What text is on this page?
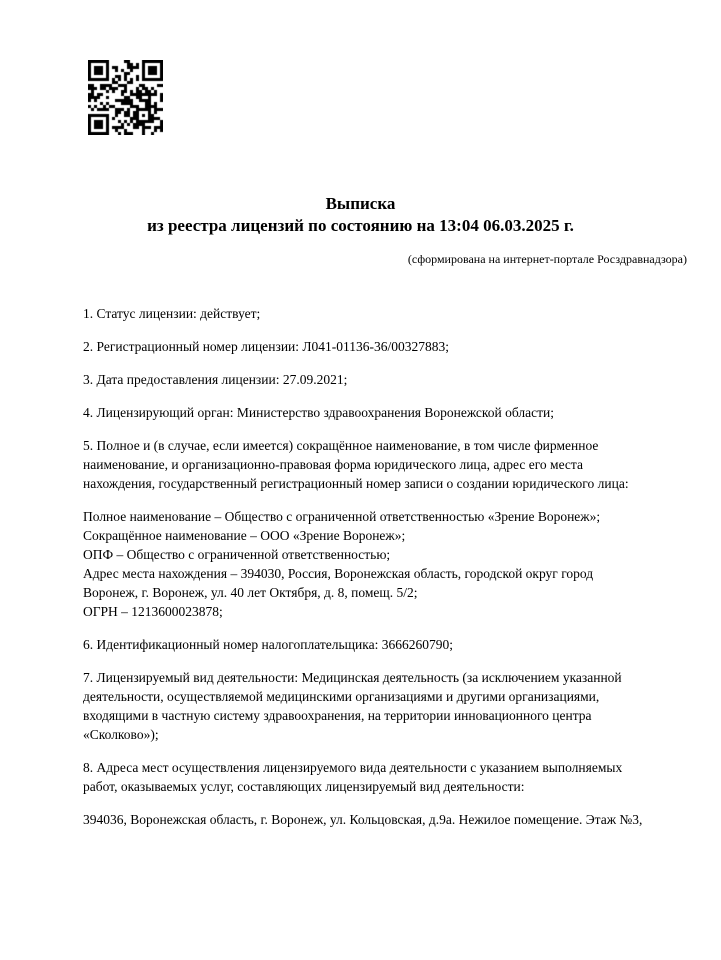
Выписка
из реестра лицензий по состоянию на 13:04 06.03.2025 г.
(сформирована на интернет-портале Росздравнадзора)
1. Статус лицензии: действует;
2. Регистрационный номер лицензии: Л041-01136-36/00327883;
3. Дата предоставления лицензии: 27.09.2021;
4. Лицензирующий орган: Министерство здравоохранения Воронежской области;
5. Полное и (в случае, если имеется) сокращённое наименование, в том числе фирменное
наименование, и организационно-правовая форма юридического лица, адрес его места
нахождения, государственный регистрационный номер записи о создании юридического лица:
Полное наименование – Общество с ограниченной ответственностью «Зрение Воронеж»;
Сокращённое наименование – ООО «Зрение Воронеж»;
ОПФ – Общество с ограниченной ответственностью;
Адрес места нахождения – 394030, Россия, Воронежская область, городской округ город
Воронеж, г. Воронеж, ул. 40 лет Октября, д. 8, помещ. 5/2;
ОГРН – 1213600023878;
6. Идентификационный номер налогоплательщика: 3666260790;
7. Лицензируемый вид деятельности: Медицинская деятельность (за исключением указанной
деятельности, осуществляемой медицинскими организациями и другими организациями,
входящими в частную систему здравоохранения, на территории инновационного центра
«Сколково»);
8. Адреса мест осуществления лицензируемого вида деятельности с указанием выполняемых
работ, оказываемых услуг, составляющих лицензируемый вид деятельности:
394036, Воронежская область, г. Воронеж, ул. Кольцовская, д.9а. Нежилое помещение. Этаж №3,
